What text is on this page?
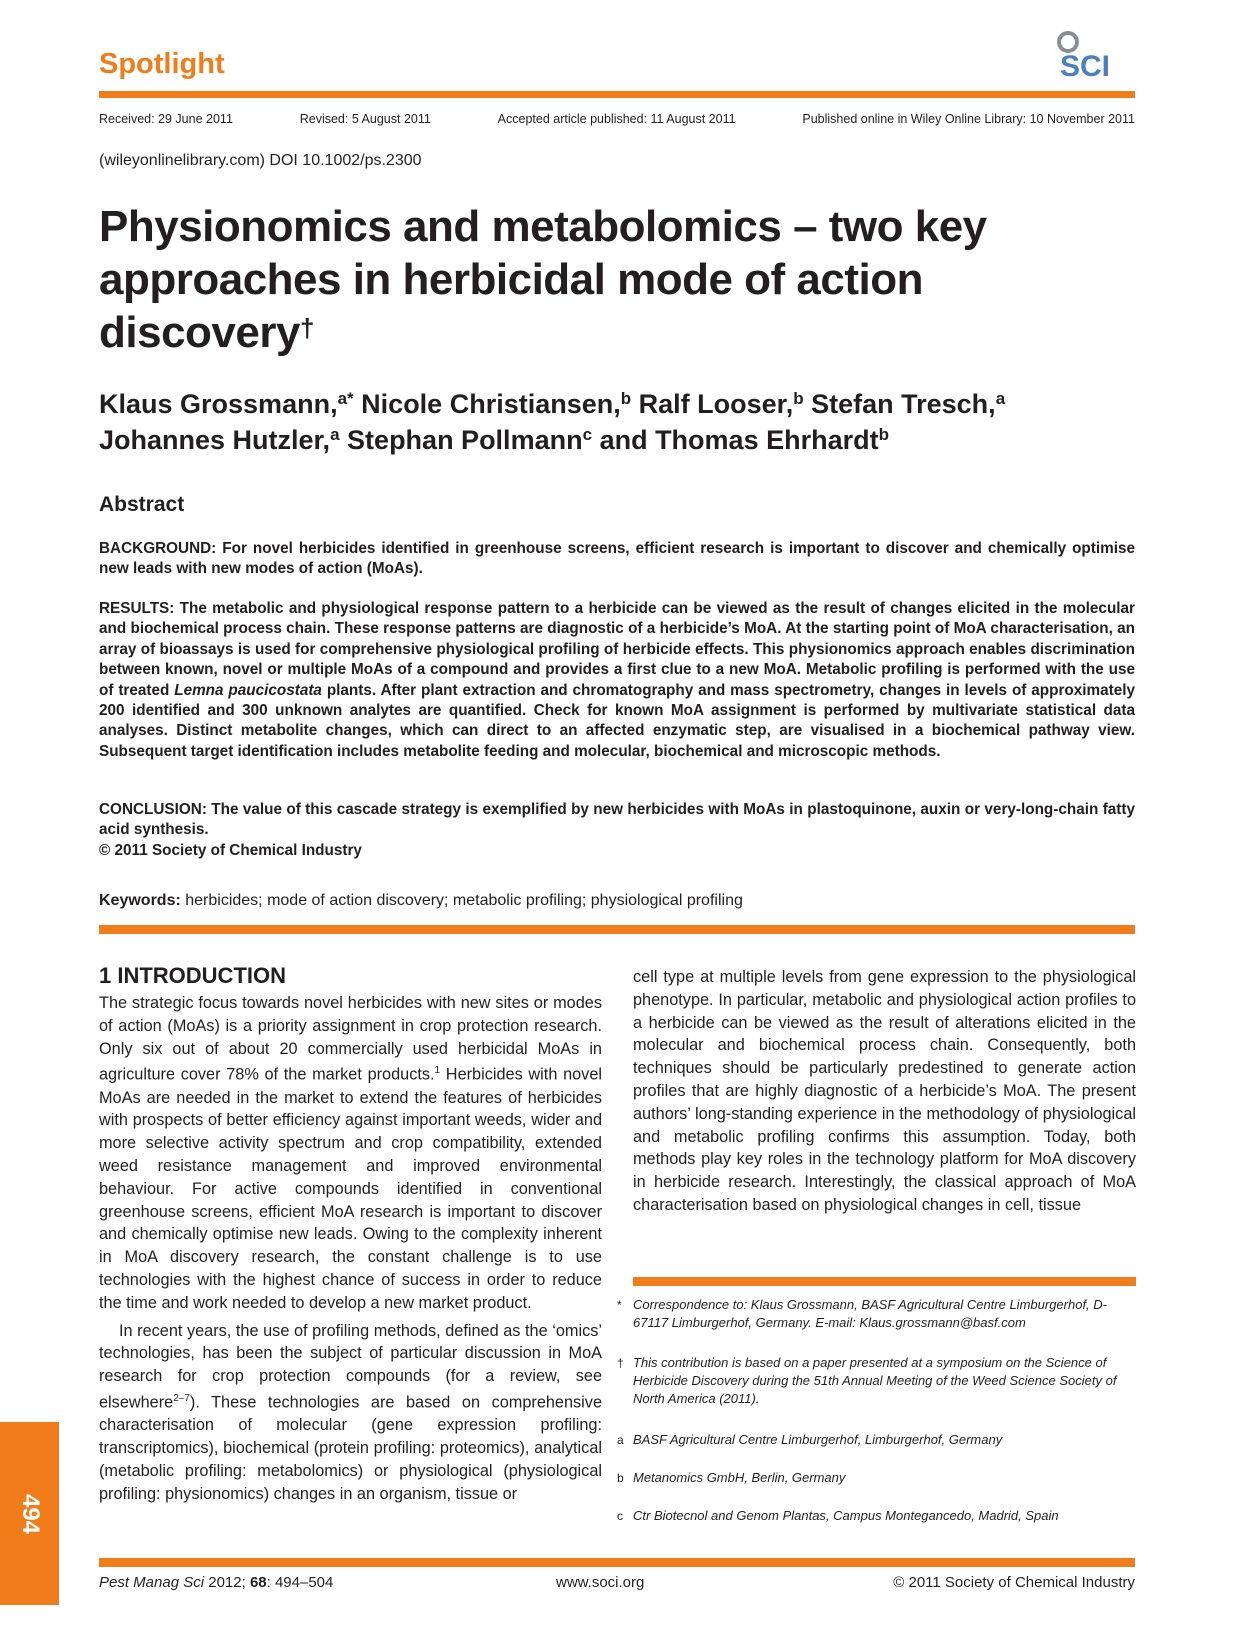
Spotlight	SCI
Received: 29 June 2011	Revised: 5 August 2011	Accepted article published: 11 August 2011	Published online in Wiley Online Library: 10 November 2011
(wileyonlinelibrary.com) DOI 10.1002/ps.2300
Physionomics and metabolomics – two key approaches in herbicidal mode of action discovery†
Klaus Grossmann,$^{a*}$ Nicole Christiansen,$^b$ Ralf Looser,$^b$ Stefan Tresch,$^a$
Johannes Hutzler,$^a$ Stephan Pollmann$^c$ and Thomas Ehrhardt$^b$
Abstract

BACKGROUND: For novel herbicides identified in greenhouse screens, efficient research is important to discover and chemically optimise new leads with new modes of action (MoAs).

RESULTS: The metabolic and physiological response pattern to a herbicide can be viewed as the result of changes elicited in the molecular and biochemical process chain. These response patterns are diagnostic of a herbicide’s MoA. At the starting point of MoA characterisation, an array of bioassays is used for comprehensive physiological profiling of herbicide effects. This physionomics approach enables discrimination between known, novel or multiple MoAs of a compound and provides a first clue to a new MoA. Metabolic profiling is performed with the use of treated Lemna paucicostata plants. After plant extraction and chromatography and mass spectrometry, changes in levels of approximately 200 identified and 300 unknown analytes are quantified. Check for known MoA assignment is performed by multivariate statistical data analyses. Distinct metabolite changes, which can direct to an affected enzymatic step, are visualised in a biochemical pathway view. Subsequent target identification includes metabolite feeding and molecular, biochemical and microscopic methods.

CONCLUSION: The value of this cascade strategy is exemplified by new herbicides with MoAs in plastoquinone, auxin or very-long-chain fatty acid synthesis.

© 2011 Society of Chemical Industry

Keywords: herbicides; mode of action discovery; metabolic profiling; physiological profiling
1 INTRODUCTION

The strategic focus towards novel herbicides with new sites or modes of action (MoAs) is a priority assignment in crop protection research. Only six out of about 20 commercially used herbicidal MoAs in agriculture cover 78% of the market products.$^1$ Herbicides with novel MoAs are needed in the market to extend the features of herbicides with prospects of better efficiency against important weeds, wider and more selective activity spectrum and crop compatibility, extended weed resistance management and improved environmental behaviour. For active compounds identified in conventional greenhouse screens, efficient MoA research is important to discover and chemically optimise new leads. Owing to the complexity inherent in MoA discovery research, the constant challenge is to use technologies with the highest chance of success in order to reduce the time and work needed to develop a new market product.

In recent years, the use of profiling methods, defined as the ‘omics’ technologies, has been the subject of particular discussion in MoA research for crop protection compounds (for a review, see elsewhere$^{2-7}$). These technologies are based on comprehensive characterisation of molecular (gene expression profiling: transcriptomics), biochemical (protein profiling: proteomics), analytical (metabolic profiling: metabolomics) or physiological (physiological profiling: physionomics) changes in an organism, tissue or

cell type at multiple levels from gene expression to the physiological phenotype. In particular, metabolic and physiological action profiles to a herbicide can be viewed as the result of alterations elicited in the molecular and biochemical process chain. Consequently, both techniques should be particularly predestined to generate action profiles that are highly diagnostic of a herbicide’s MoA. The present authors’ long-standing experience in the methodology of physiological and metabolic profiling confirms this assumption. Today, both methods play key roles in the technology platform for MoA discovery in herbicide research. Interestingly, the classical approach of MoA characterisation based on physiological changes in cell, tissue

* Correspondence to: Klaus Grossmann, BASF Agricultural Centre Limburgerhof, D-67117 Limburgerhof, Germany. E-mail: Klaus.grossmann@basf.com
† This contribution is based on a paper presented at a symposium on the Science of Herbicide Discovery during the 51th Annual Meeting of the Weed Science Society of North America (2011).
a BASF Agricultural Centre Limburgerhof, Limburgerhof, Germany
b Metanomics GmbH, Berlin, Germany
c Ctr Biotecnol and Genom Plantas, Campus Montegancedo, Madrid, Spain
Pest Manag Sci 2012; 68: 494–504	www.soci.org	© 2011 Society of Chemical Industry
494
